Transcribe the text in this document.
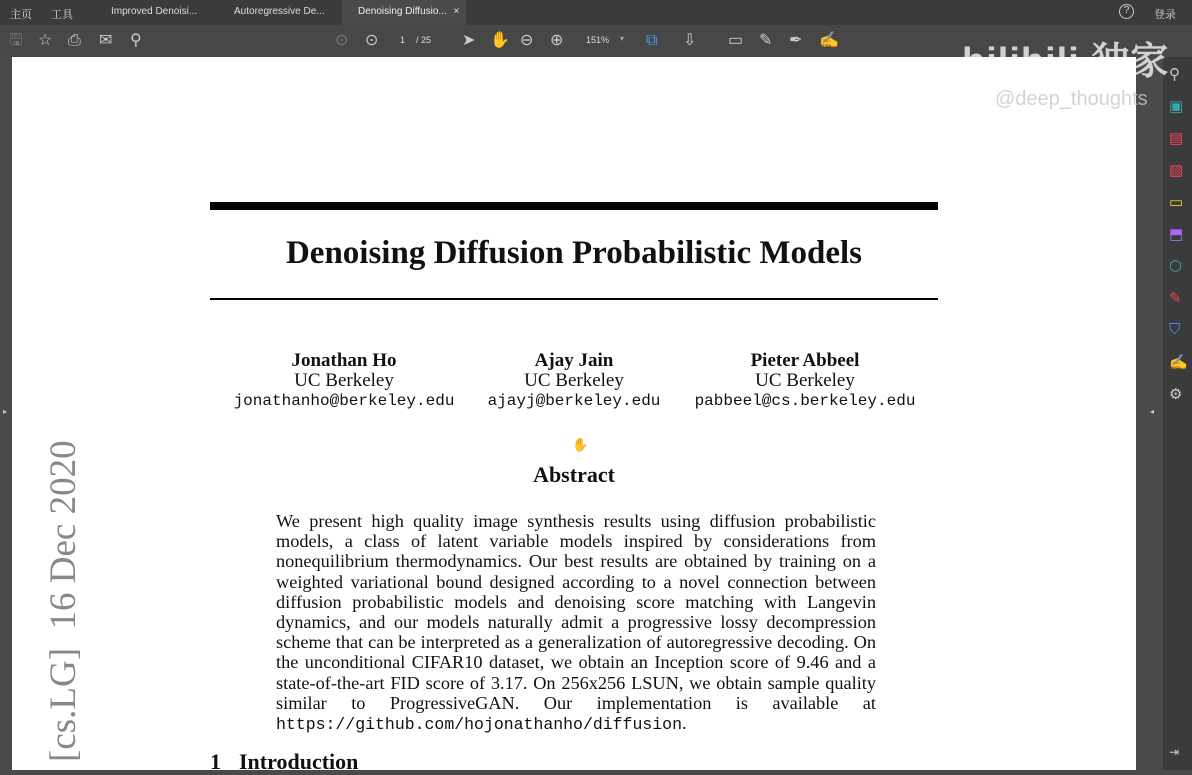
主页 工具	Improved Denoisi...	Autoregressive De...	Denoising Diffusio... ×	?	登录
🖫 ☆ ⎙ ✉ ⚲	⊙ ⊙ 1 / 25 ➤ ✋ ⊖ ⊕	151% ▾ ⧉ ⇩ ▭ ✎ ✒ ✍
▸
Denoising Diffusion Probabilistic Models
Jonathan Ho
UC Berkeley
jonathanho@berkeley.edu
Ajay Jain
UC Berkeley
ajayj@berkeley.edu
Pieter Abbeel
UC Berkeley
pabbeel@cs.berkeley.edu
✋
Abstract
We present high quality image synthesis results using diffusion probabilistic models, a class of latent variable models inspired by considerations from nonequilibrium thermodynamics. Our best results are obtained by training on a weighted variational bound designed according to a novel connection between diffusion probabilistic models and denoising score matching with Langevin dynamics, and our models naturally admit a progressive lossy decompression scheme that can be interpreted as a generalization of autoregressive decoding. On the unconditional CIFAR10 dataset, we obtain an Inception score of 9.46 and a state-of-the-art FID score of 3.17. On 256x256 LSUN, we obtain sample quality similar to ProgressiveGAN. Our implementation is available at https://github.com/hojonathanho/diffusion.
1 Introduction
[cs.LG]  16 Dec 2020
◂
⚲
▣
▤
▧
▭
⬒
⬡
✎
⛉
✍
⚙
⇥
bilibili 独家
@deep_thoughts
